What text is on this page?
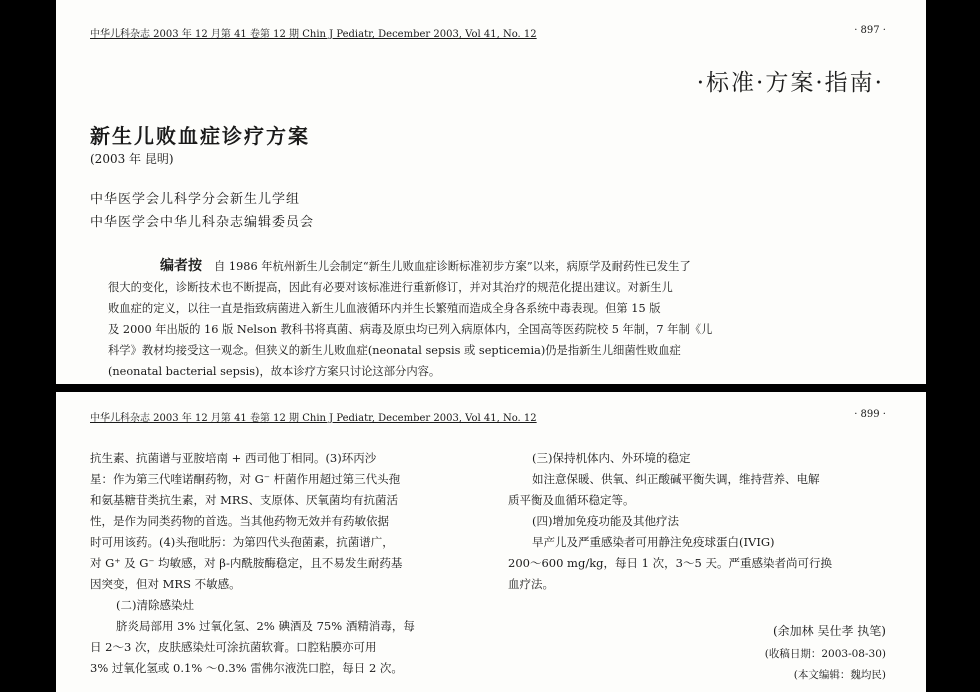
中华儿科杂志 2003 年 12 月第 41 卷第 12 期 Chin J Pediatr, December 2003, Vol 41, No. 12	· 897 ·
·标准·方案·指南·
新生儿败血症诊疗方案
(2003 年 昆明)
中华医学会儿科学分会新生儿学组
中华医学会中华儿科杂志编辑委员会
编者按 自 1986 年杭州新生儿会制定“新生儿败血症诊断标准初步方案”以来，病原学及耐药性已发生了
很大的变化，诊断技术也不断提高，因此有必要对该标准进行重新修订，并对其治疗的规范化提出建议。对新生儿
败血症的定义，以往一直是指致病菌进入新生儿血液循环内并生长繁殖而造成全身各系统中毒表现。但第 15 版
及 2000 年出版的 16 版 Nelson 教科书将真菌、病毒及原虫均已列入病原体内，全国高等医药院校 5 年制，7 年制《儿
科学》教材均接受这一观念。但狭义的新生儿败血症(neonatal sepsis 或 septicemia)仍是指新生儿细菌性败血症
(neonatal bacterial sepsis)，故本诊疗方案只讨论这部分内容。
中华儿科杂志 2003 年 12 月第 41 卷第 12 期 Chin J Pediatr, December 2003, Vol 41, No. 12	· 899 ·
抗生素、抗菌谱与亚胺培南 + 西司他丁相同。(3)环丙沙
星：作为第三代喹诺酮药物，对 G⁻ 杆菌作用超过第三代头孢
和氨基糖苷类抗生素，对 MRS、支原体、厌氧菌均有抗菌活
性，是作为同类药物的首选。当其他药物无效并有药敏依据
时可用该药。(4)头孢吡肟：为第四代头孢菌素，抗菌谱广，
对 G⁺ 及 G⁻ 均敏感，对 β-内酰胺酶稳定，且不易发生耐药基
因突变，但对 MRS 不敏感。
(二)清除感染灶
脐炎局部用 3% 过氧化氢、2% 碘酒及 75% 酒精消毒，每
日 2～3 次，皮肤感染灶可涂抗菌软膏。口腔粘膜亦可用
3% 过氧化氢或 0.1% ～0.3% 雷佛尔液洗口腔，每日 2 次。
(三)保持机体内、外环境的稳定
如注意保暖、供氧、纠正酸碱平衡失调，维持营养、电解
质平衡及血循环稳定等。
(四)增加免疫功能及其他疗法
早产儿及严重感染者可用静注免疫球蛋白(IVIG)
200～600 mg/kg，每日 1 次，3～5 天。严重感染者尚可行换
血疗法。
(余加林 吴仕孝 执笔)
(收稿日期：2003-08-30)
(本文编辑：魏均民)
